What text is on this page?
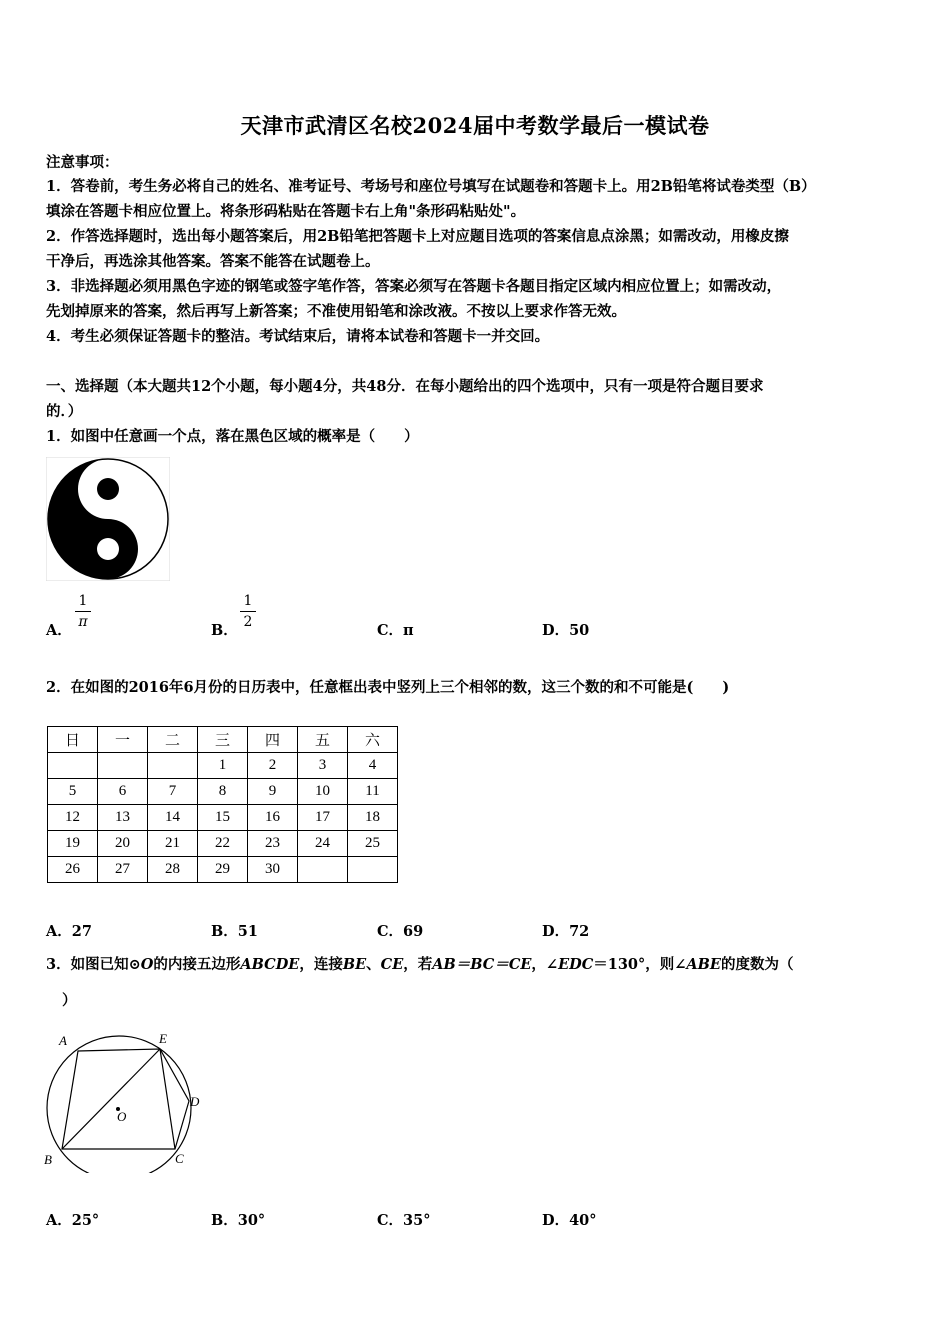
天津市武清区名校2024届中考数学最后一模试卷
注意事项：
1．答卷前，考生务必将自己的姓名、准考证号、考场号和座位号填写在试题卷和答题卡上。用2B铅笔将试卷类型（B）
填涂在答题卡相应位置上。将条形码粘贴在答题卡右上角"条形码粘贴处"。
2．作答选择题时，选出每小题答案后，用2B铅笔把答题卡上对应题目选项的答案信息点涂黑；如需改动，用橡皮擦
干净后，再选涂其他答案。答案不能答在试题卷上。
3．非选择题必须用黑色字迹的钢笔或签字笔作答，答案必须写在答题卡各题目指定区域内相应位置上；如需改动，
先划掉原来的答案，然后再写上新答案；不准使用铅笔和涂改液。不按以上要求作答无效。
4．考生必须保证答题卡的整洁。考试结束后，请将本试卷和答题卡一并交回。
一、选择题（本大题共12个小题，每小题4分，共48分．在每小题给出的四个选项中，只有一项是符合题目要求
的．）
1．如图中任意画一个点，落在黑色区域的概率是（　　）
A．
1
π	B．
1
2	C．π	D．50
2．在如图的2016年6月份的日历表中，任意框出表中竖列上三个相邻的数，这三个数的和不可能是(　　)
日	一	二	三	四	五	六
			1	2	3	4
5	6	7	8	9	10	11
12	13	14	15	16	17	18
19	20	21	22	23	24	25
26	27	28	29	30		
A．27	B．51	C．69	D．72
3．如图已知⊙O的内接五边形ABCDE，连接BE、CE，若AB＝BC＝CE，∠EDC＝130°，则∠ABE的度数为（
）
A	E
D
C
B
O
A．25°	B．30°	C．35°	D．40°
